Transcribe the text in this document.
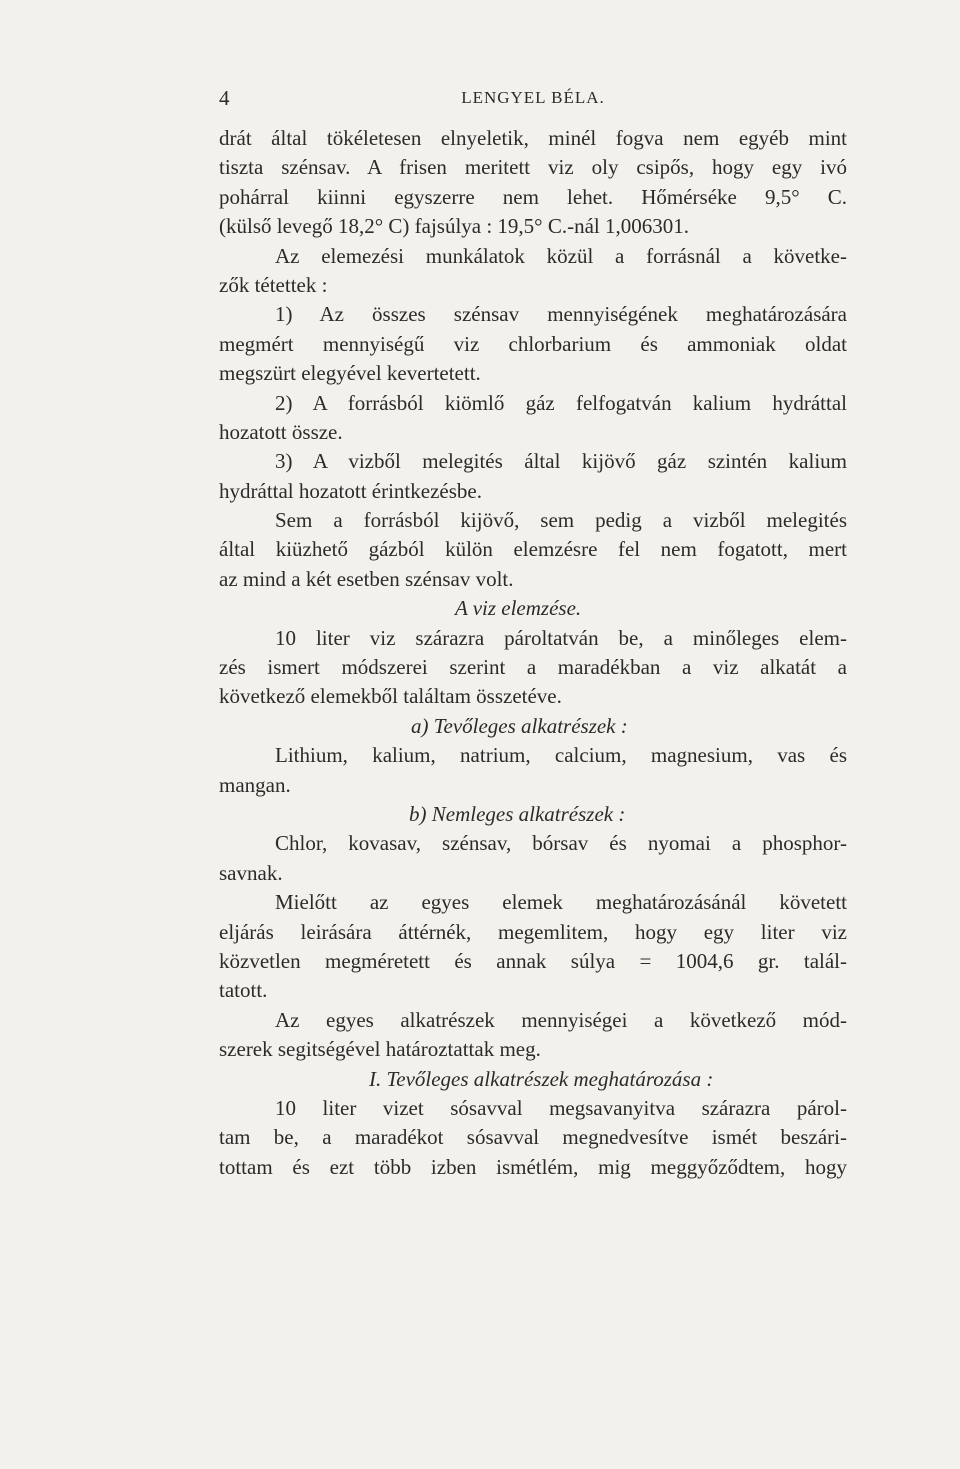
4	LENGYEL BÉLA.
drát által tökéletesen elnyeletik, minél fogva nem egyéb mint
tiszta szénsav. A frisen meritett viz oly csipős, hogy egy ivó
pohárral kiinni egyszerre nem lehet. Hőmérséke 9,5° C.
(külső levegő 18,2° C) fajsúlya : 19,5° C.-nál 1,006301.
Az elemezési munkálatok közül a forrásnál a követke-
zők tétettek :
1) Az összes szénsav mennyiségének meghatározására
megmért mennyiségű viz chlorbarium és ammoniak oldat
megszürt elegyével kevertetett.
2) A forrásból kiömlő gáz felfogatván kalium hydráttal
hozatott össze.
3) A vizből melegités által kijövő gáz szintén kalium
hydráttal hozatott érintkezésbe.
Sem a forrásból kijövő, sem pedig a vizből melegités
által kiüzhető gázból külön elemzésre fel nem fogatott, mert
az mind a két esetben szénsav volt.
A viz elemzése.
10 liter viz szárazra pároltatván be, a minőleges elem-
zés ismert módszerei szerint a maradékban a viz alkatát a
következő elemekből találtam összetéve.
a) Tevőleges alkatrészek :
Lithium, kalium, natrium, calcium, magnesium, vas és
mangan.
b) Nemleges alkatrészek :
Chlor, kovasav, szénsav, bórsav és nyomai a phosphor-
savnak.
Mielőtt az egyes elemek meghatározásánál követett
eljárás leirására áttérnék, megemlitem, hogy egy liter viz
közvetlen megméretett és annak súlya = 1004,6 gr. talál-
tatott.
Az egyes alkatrészek mennyiségei a következő mód-
szerek segitségével határoztattak meg.
I. Tevőleges alkatrészek meghatározása :
10 liter vizet sósavval megsavanyitva szárazra párol-
tam be, a maradékot sósavval megnedvesítve ismét beszári-
tottam és ezt több izben ismétlém, mig meggyőződtem, hogy
